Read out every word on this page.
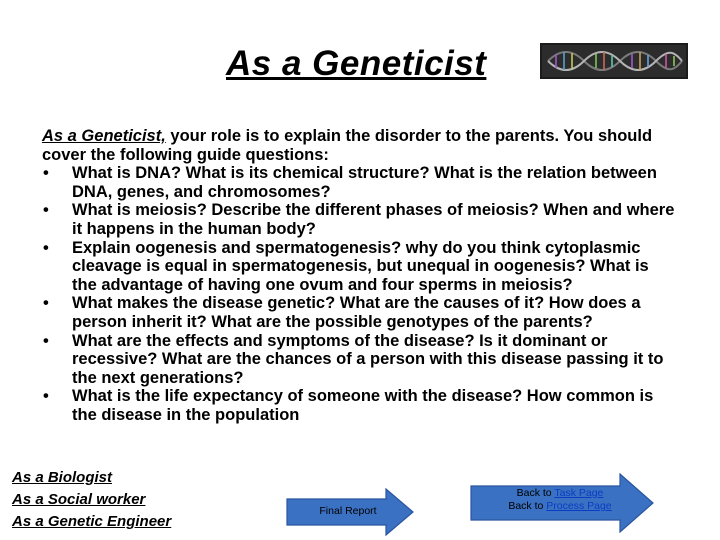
As a Geneticist
As a Geneticist, your role is to explain the disorder to the parents. You should cover the following guide questions:
• What is DNA? What is its chemical structure? What is the relation between DNA, genes, and chromosomes?
• What is meiosis? Describe the different phases of meiosis? When and where it happens in the human body?
• Explain oogenesis and spermatogenesis? why do you think cytoplasmic cleavage is equal in spermatogenesis, but unequal in oogenesis? What is the advantage of having one ovum and four sperms in meiosis?
• What makes the disease genetic? What are the causes of it? How does a person inherit it? What are the possible genotypes of the parents?
• What are the effects and symptoms of the disease? Is it dominant or recessive? What are the chances of a person with this disease passing it to the next generations?
• What is the life expectancy of someone with the disease? How common is the disease in the population
As a Biologist
As a Social worker
As a Genetic Engineer
Final Report
Back to Task Page
Back to Process Page
